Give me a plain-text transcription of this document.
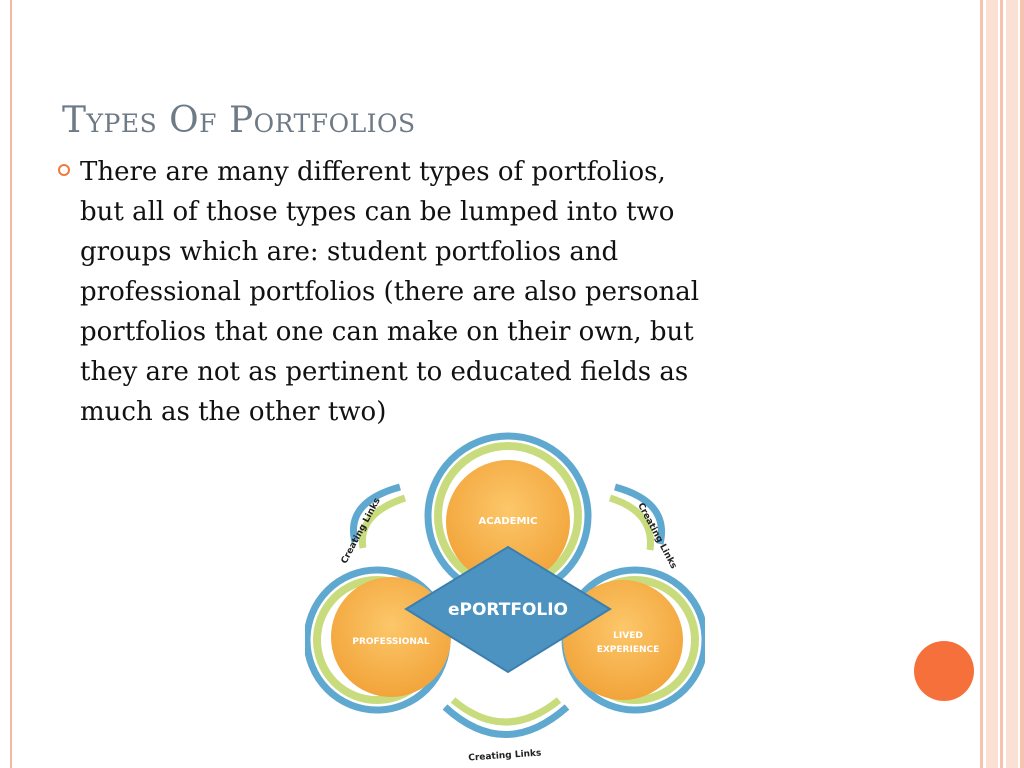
Types Of Portfolios

There are many different types of portfolios,
but all of those types can be lumped into two
groups which are: student portfolios and
professional portfolios (there are also personal
portfolios that one can make on their own, but
they are not as pertinent to educated fields as
much as the other two)

ACADEMIC
ePORTFOLIO
PROFESSIONAL
LIVED
EXPERIENCE
Creating Links	Creating Links
Creating Links
